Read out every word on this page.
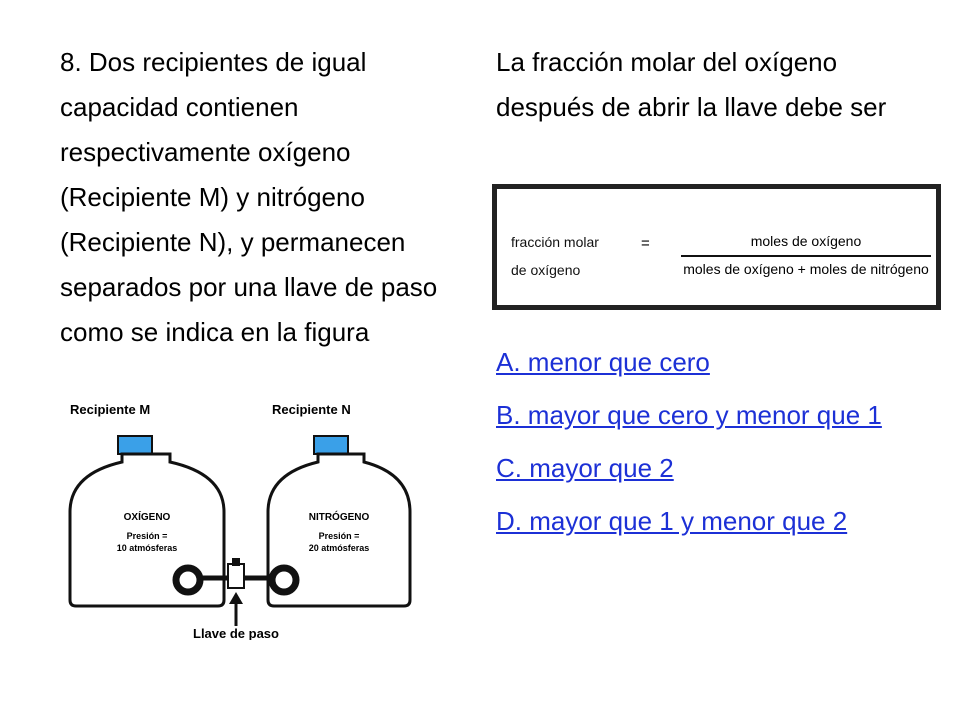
8. Dos recipientes de igual capacidad contienen respectivamente oxígeno (Recipiente M) y nitrógeno (Recipiente N), y permanecen separados por una llave de paso como se indica en la figura

La fracción molar del oxígeno después de abrir la llave debe ser

fracción molar
de oxígeno
=	moles de oxígeno
moles de oxígeno + moles de nitrógeno
A. menor que cero
B. mayor que cero y menor que 1
C. mayor que 2
D. mayor que 1 y menor que 2
Recipiente M	Recipiente N
OXÍGENO
Presión =
10 atmósferas
NITRÓGENO
Presión =
20 atmósferas
Llave de paso
